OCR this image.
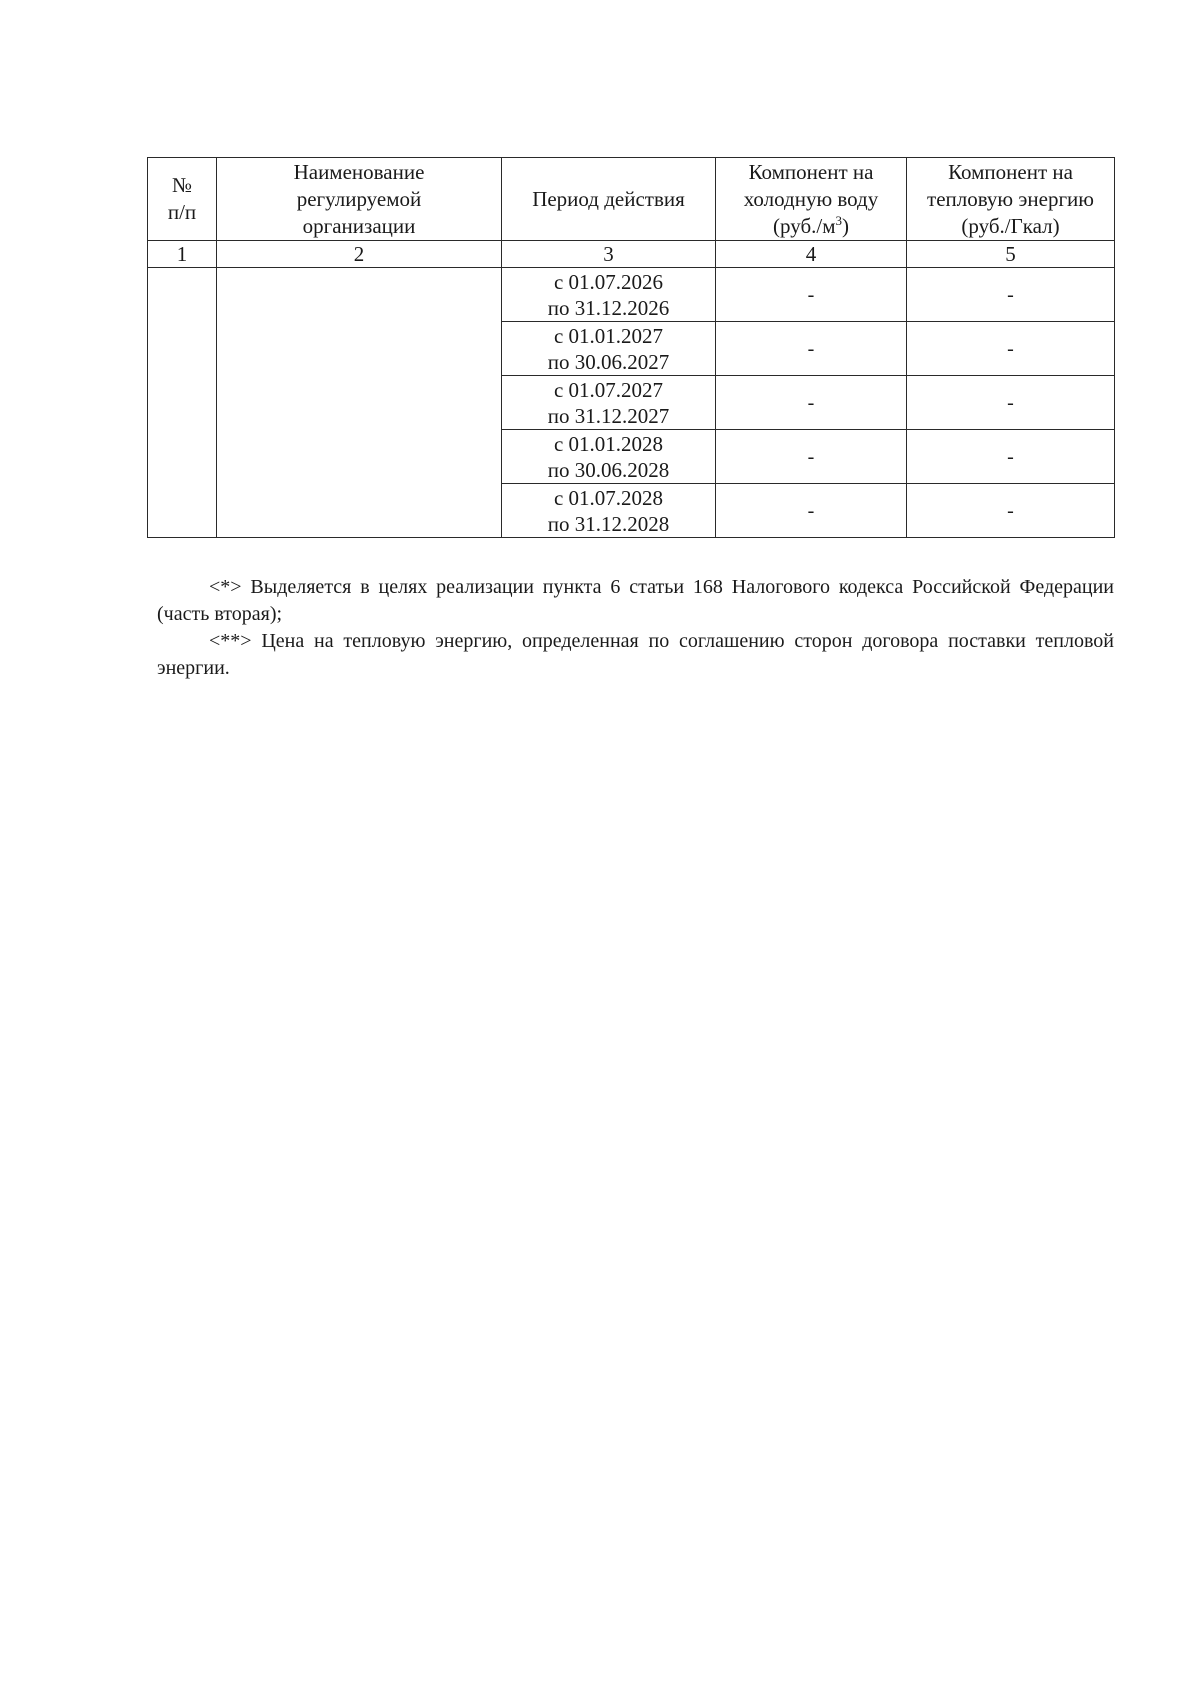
№
п/п	Наименование
регулируемой
организации	Период действия	Компонент на
холодную воду
$(руб./м^3)$	Компонент на
тепловую энергию
(руб./Гкал)

1	2	3	4	5

		с 01.07.2026
по 31.12.2026	-	-

		с 01.01.2027
по 30.06.2027	-	-

		с 01.07.2027
по 31.12.2027	-	-

		с 01.01.2028
по 30.06.2028	-	-

		с 01.07.2028
по 31.12.2028	-	-

<*> Выделяется в целях реализации пункта 6 статьи 168 Налогового кодекса Российской Федерации (часть вторая);

<**> Цена на тепловую энергию, определенная по соглашению сторон договора поставки тепловой энергии.
